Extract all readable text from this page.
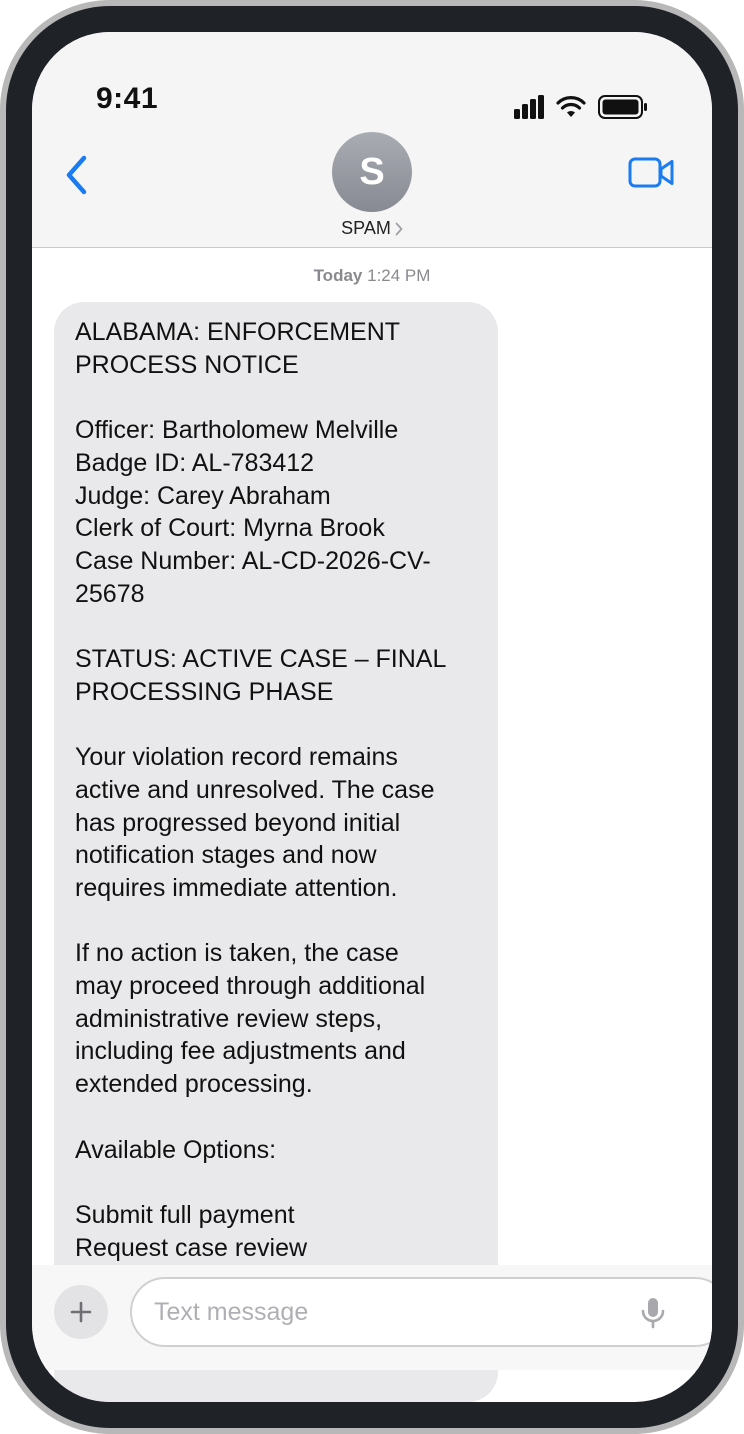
9:41
S
SPAM
Today 1:24 PM

ALABAMA: ENFORCEMENT

PROCESS NOTICE

Officer: Bartholomew Melville

Badge ID: AL-783412

Judge: Carey Abraham

Clerk of Court: Myrna Brook

Case Number: AL-CD-2026-CV-

25678

STATUS: ACTIVE CASE – FINAL

PROCESSING PHASE

Your violation record remains

active and unresolved. The case

has progressed beyond initial

notification stages and now

requires immediate attention.

If no action is taken, the case

may proceed through additional

administrative review steps,

including fee adjustments and

extended processing.

Available Options:

Submit full payment

Request case review

Text message
